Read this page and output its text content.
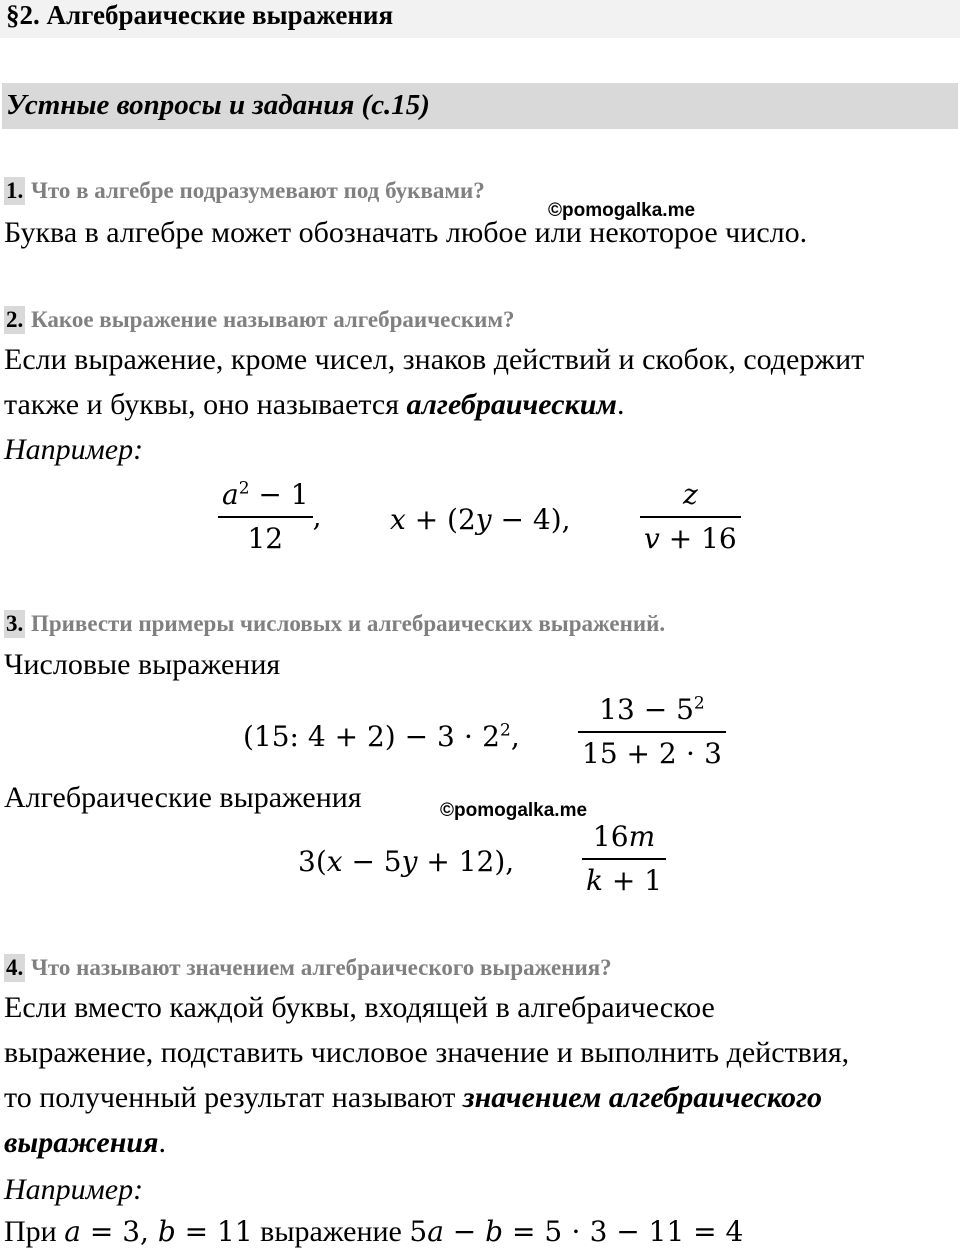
§2. Алгебраические выражения
Устные вопросы и задания (с.15)
1. Что в алгебре подразумевают под буквами?
©pomogalka.me
Буква в алгебре может обозначать любое или некоторое число.
2. Какое выражение называют алгебраическим?
Если выражение, кроме чисел, знаков действий и скобок, содержит
также и буквы, оно называется алгебраическим.
Например:
$\frac{a^2 - 1}{12}$ , x + (2y − 4), $\frac{z}{v + 16}$
3. Привести примеры числовых и алгебраических выражений.
Числовые выражения
(15: $4 + 2) - 3 \cdot 2^2$, $\frac{13 - 5^2}{15 + 2 \cdot 3}$
Алгебраические выражения	©pomogalka.me
3(x − 5y + 12), $\frac{16m}{k + 1}$
4. Что называют значением алгебраического выражения?
Если вместо каждой буквы, входящей в алгебраическое
выражение, подставить числовое значение и выполнить действия,
то полученный результат называют значением алгебраического
выражения.
Например:
При a = 3, b = 11 выражение 5a − b = 5 ⋅ 3 − 11 = 4
